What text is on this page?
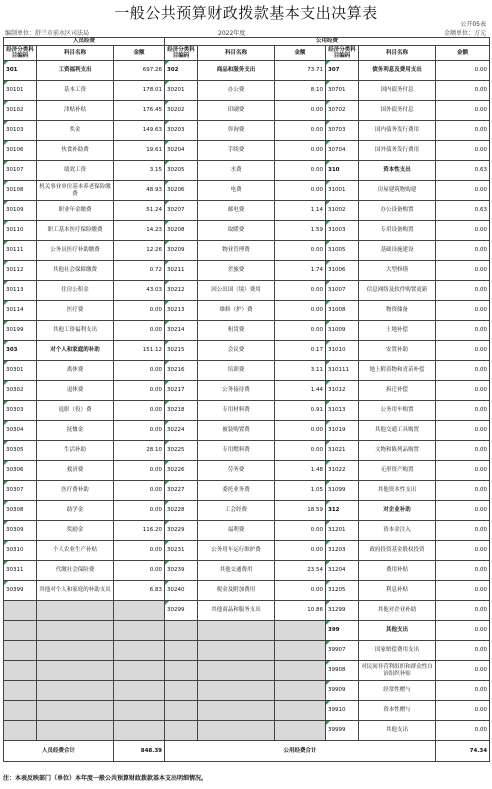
一般公共预算财政拨款基本支出决算表
公开05表
编制单位：舒兰市前水区司法局	2022年度	金额单位：万元
人员经费			公用经费					
经济分类科目编码	科目名称	金额	经济分类科目编码	科目名称	金额	经济分类科目编码	科目名称	金额
301	工资福利支出	697.26	302	商品和服务支出	73.71	307	债务利息及费用支出	0.00
30101	基本工资	178.01	30201	办公费	8.10	30701	国内债务付息	0.00
30102	津贴补贴	176.45	30202	印刷费	0.00	30702	国外债务付息	0.00
30103	奖金	149.63	30203	咨询费	0.00	30703	国内债务发行费用	0.00
30106	伙食补助费	19.61	30204	手续费	0.00	30704	国外债务发行费用	0.00
30107	绩效工资	3.15	30205	水费	0.00	310	资本性支出	0.63
30108	机关事业单位基本养老保险缴费	48.93	30206	电费	0.00	31001	房屋建筑物购建	0.00
30109	职业年金缴费	51.24	30207	邮电费	1.14	31002	办公设备购置	0.63
30110	职工基本医疗保险缴费	14.23	30208	取暖费	1.59	31003	专用设备购置	0.00
30111	公务员医疗补助缴费	12.26	30209	物业管理费	0.00	31005	基础设施建设	0.00
30112	其他社会保障缴费	0.72	30211	差旅费	1.74	31006	大型修缮	0.00
30113	住房公积金	43.03	30212	因公出国（境）费用	0.00	31007	信息网络及软件购置更新	0.00
30114	医疗费	0.00	30213	维修（护）费	0.00	31008	物资储备	0.00
30199	其他工资福利支出	0.00	30214	租赁费	0.00	31009	土地补偿	0.00
303	对个人和家庭的补助	151.12	30215	会议费	0.17	31010	安置补助	0.00
30301	离休费	0.00	30216	培训费	3.11	310111	地上附着物和青苗补偿	0.00
30302	退休费	0.00	30217	公务接待费	1.44	31012	拆迁补偿	0.00
30303	退职（役）费	0.00	30218	专用材料费	0.91	31013	公务用车购置	0.00
30304	抚恤金	0.00	30224	被装购置费	0.00	31019	其他交通工具购置	0.00
30305	生活补助	28.10	30225	专用燃料费	0.00	31021	文物和陈列品购置	0.00
30306	救济费	0.00	30226	劳务费	1.48	31022	无形资产购置	0.00
30307	医疗费补助	0.00	30227	委托业务费	1.05	31099	其他资本性支出	0.00
30308	助学金	0.00	30228	工会经费	18.59	312	对企业补助	0.00
30309	奖励金	116.20	30229	福利费	0.00	31201	资本金注入	0.00
30310	个人农业生产补贴	0.00	30231	公务用车运行维护费	0.00	31203	政府投资基金股权投资	0.00
30311	代缴社会保险费	0.00	30239	其他交通费用	23.54	31204	费用补贴	0.00
30399	其他对个人和家庭的补助支出	6.83	30240	税金及附加费用	0.00	31205	利息补贴	0.00
			30299	其他商品和服务支出	10.86	31299	其他对企业补助	0.00
						399	其他支出	0.00
						39907	国家赔偿费用支出	0.00
						39908	对民间非营利组织和群众性自治组织补贴	0.00
						39909	经常性赠与	0.00
						39910	资本性赠与	0.00
						39999	其他支出	0.00
人员经费合计		848.39	公用经费合计					74.34
注：本表反映部门（单位）本年度一般公共预算财政拨款基本支出明细情况。
